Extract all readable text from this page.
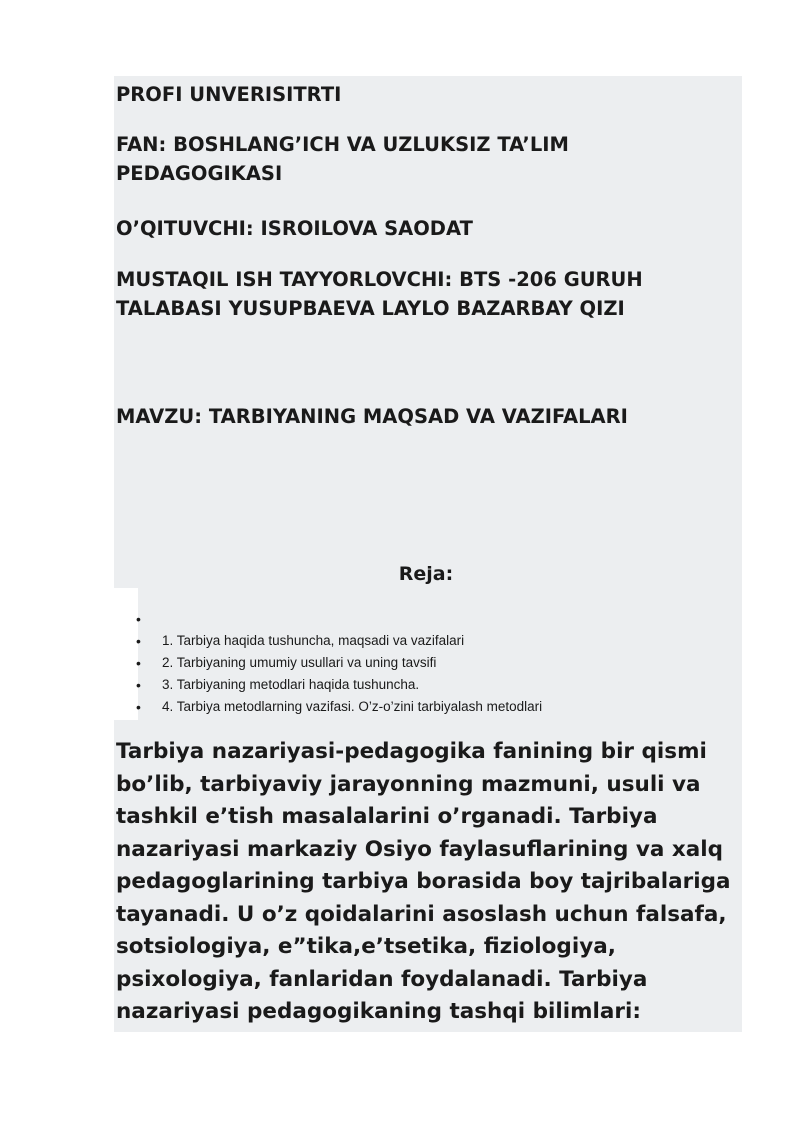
PROFI UNVERISITRTI

FAN: BOSHLANG’ICH VA UZLUKSIZ TA’LIM PEDAGOGIKASI

O’QITUVCHI: ISROILOVA SAODAT

MUSTAQIL ISH TAYYORLOVCHI: BTS -206 GURUH TALABASI YUSUPBAEVA LAYLO BAZARBAY QIZI

MAVZU: TARBIYANING MAQSAD VA VAZIFALARI

Reja:
•
• 1. Tarbiya haqida tushuncha, maqsadi va vazifalari
• 2. Tarbiyaning umumiy usullari va uning tavsifi
• 3. Tarbiyaning metodlari haqida tushuncha.
• 4. Tarbiya metodlarning vazifasi. O’z-o’zini tarbiyalash metodlari

Tarbiya nazariyasi-pedagogika fanining bir qismi bo’lib, tarbiyaviy jarayonning mazmuni, usuli va tashkil e’tish masalalarini o’rganadi. Tarbiya nazariyasi markaziy Osiyo faylasuflarining va xalq pedagoglarining tarbiya borasida boy tajribalariga tayanadi. U o’z qoidalarini asoslash uchun falsafa, sotsiologiya, e”tika,e’tsetika, fiziologiya, psixologiya, fanlaridan foydalanadi. Tarbiya nazariyasi pedagogikaning tashqi bilimlari:
